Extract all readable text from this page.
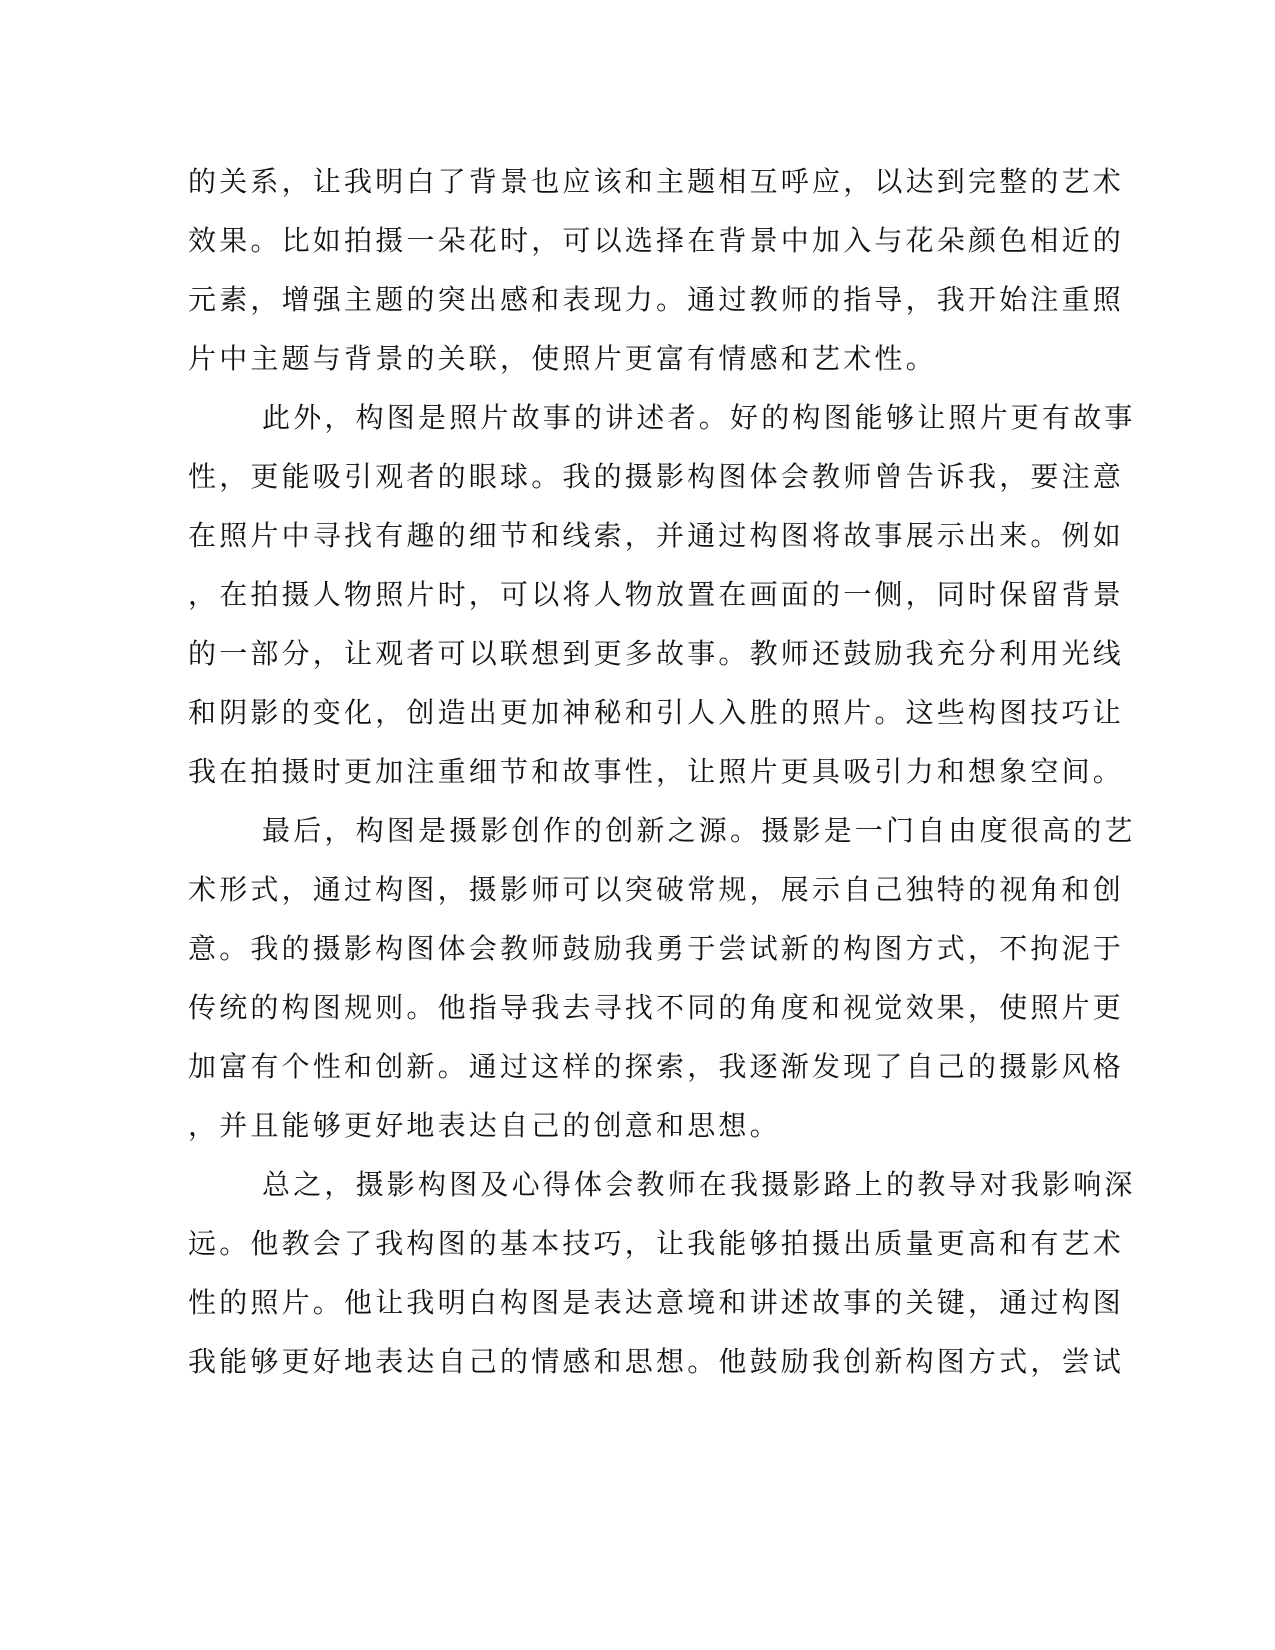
的关系，让我明白了背景也应该和主题相互呼应，以达到完整的艺术
效果。比如拍摄一朵花时，可以选择在背景中加入与花朵颜色相近的
元素，增强主题的突出感和表现力。通过教师的指导，我开始注重照
片中主题与背景的关联，使照片更富有情感和艺术性。
此外，构图是照片故事的讲述者。好的构图能够让照片更有故事
性，更能吸引观者的眼球。我的摄影构图体会教师曾告诉我，要注意
在照片中寻找有趣的细节和线索，并通过构图将故事展示出来。例如
，在拍摄人物照片时，可以将人物放置在画面的一侧，同时保留背景
的一部分，让观者可以联想到更多故事。教师还鼓励我充分利用光线
和阴影的变化，创造出更加神秘和引人入胜的照片。这些构图技巧让
我在拍摄时更加注重细节和故事性，让照片更具吸引力和想象空间。
最后，构图是摄影创作的创新之源。摄影是一门自由度很高的艺
术形式，通过构图，摄影师可以突破常规，展示自己独特的视角和创
意。我的摄影构图体会教师鼓励我勇于尝试新的构图方式，不拘泥于
传统的构图规则。他指导我去寻找不同的角度和视觉效果，使照片更
加富有个性和创新。通过这样的探索，我逐渐发现了自己的摄影风格
，并且能够更好地表达自己的创意和思想。
总之，摄影构图及心得体会教师在我摄影路上的教导对我影响深
远。他教会了我构图的基本技巧，让我能够拍摄出质量更高和有艺术
性的照片。他让我明白构图是表达意境和讲述故事的关键，通过构图
我能够更好地表达自己的情感和思想。他鼓励我创新构图方式，尝试
